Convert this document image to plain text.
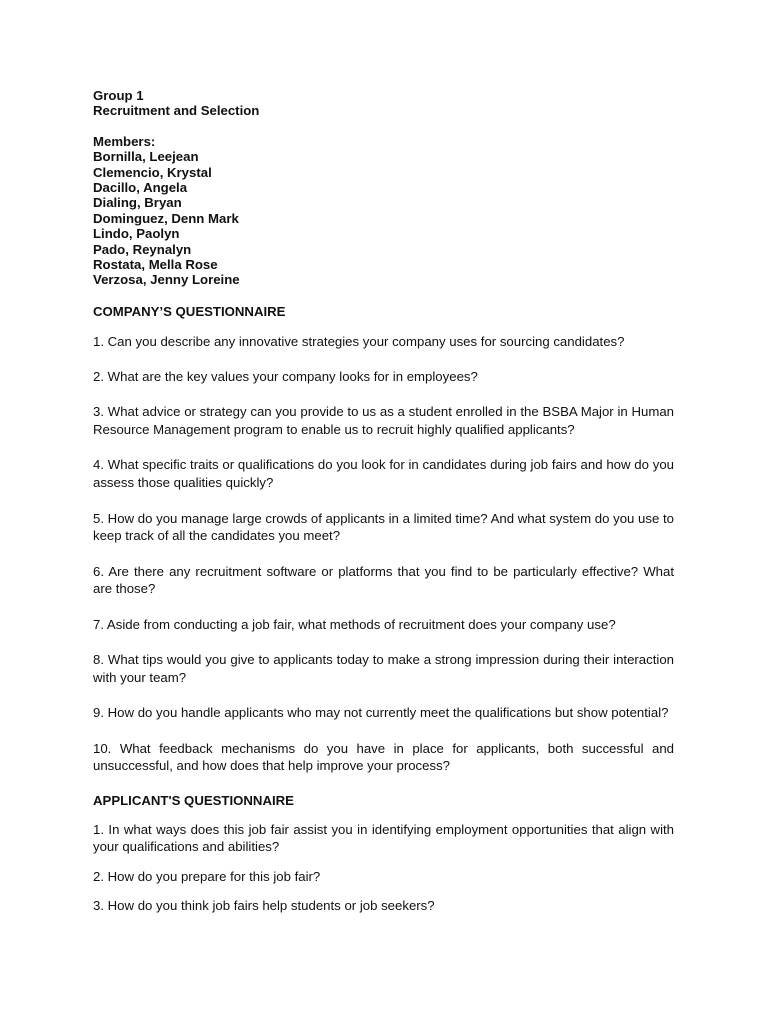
Group 1
Recruitment and Selection
Members:
Bornilla, Leejean
Clemencio, Krystal
Dacillo, Angela
Dialing, Bryan
Dominguez, Denn Mark
Lindo, Paolyn
Pado, Reynalyn
Rostata, Mella Rose
Verzosa, Jenny Loreine
COMPANY’S QUESTIONNAIRE

1. Can you describe any innovative strategies your company uses for sourcing candidates?

2. What are the key values your company looks for in employees?

3. What advice or strategy can you provide to us as a student enrolled in the BSBA Major in Human Resource Management program to enable us to recruit highly qualified applicants?

4. What specific traits or qualifications do you look for in candidates during job fairs and how do you assess those qualities quickly?

5. How do you manage large crowds of applicants in a limited time? And what system do you use to keep track of all the candidates you meet?

6. Are there any recruitment software or platforms that you find to be particularly effective? What are those?

7. Aside from conducting a job fair, what methods of recruitment does your company use?

8. What tips would you give to applicants today to make a strong impression during their interaction with your team?

9. How do you handle applicants who may not currently meet the qualifications but show potential?

10. What feedback mechanisms do you have in place for applicants, both successful and unsuccessful, and how does that help improve your process?

APPLICANT'S QUESTIONNAIRE

1. In what ways does this job fair assist you in identifying employment opportunities that align with your qualifications and abilities?

2. How do you prepare for this job fair?

3. How do you think job fairs help students or job seekers?
